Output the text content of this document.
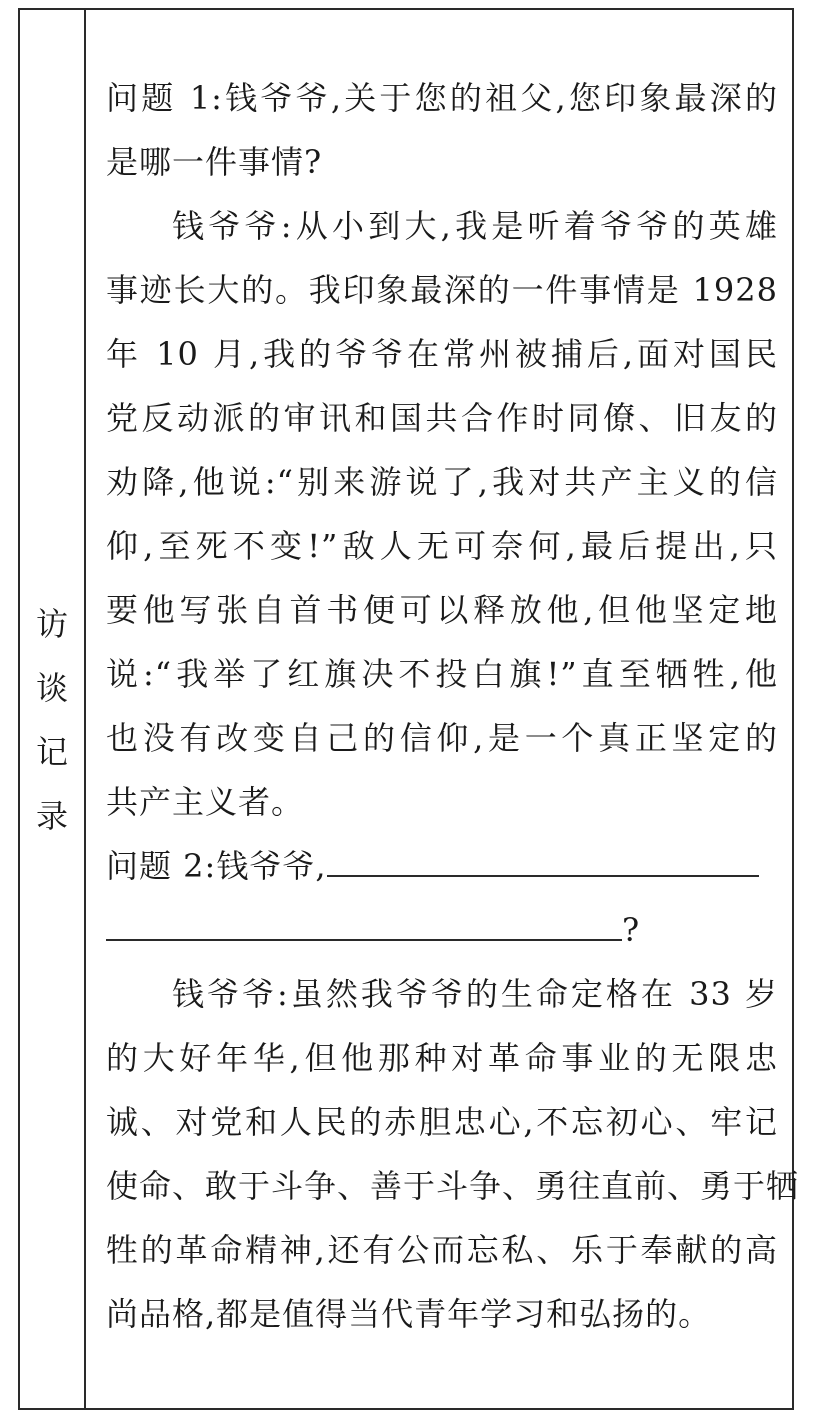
访
谈
记
录
问题 1:钱爷爷,关于您的祖父,您印象最深的
是哪一件事情?
钱爷爷:从小到大,我是听着爷爷的英雄
事迹长大的。我印象最深的一件事情是 1928
年 10 月,我的爷爷在常州被捕后,面对国民
党反动派的审讯和国共合作时同僚、旧友的
劝降,他说:“别来游说了,我对共产主义的信
仰,至死不变!”敌人无可奈何,最后提出,只
要他写张自首书便可以释放他,但他坚定地
说:“我举了红旗决不投白旗!”直至牺牲,他
也没有改变自己的信仰,是一个真正坚定的
共产主义者。
问题 2:钱爷爷,
?
钱爷爷:虽然我爷爷的生命定格在 33 岁
的大好年华,但他那种对革命事业的无限忠
诚、对党和人民的赤胆忠心,不忘初心、牢记
使命、敢于斗争、善于斗争、勇往直前、勇于牺
牲的革命精神,还有公而忘私、乐于奉献的高
尚品格,都是值得当代青年学习和弘扬的。
